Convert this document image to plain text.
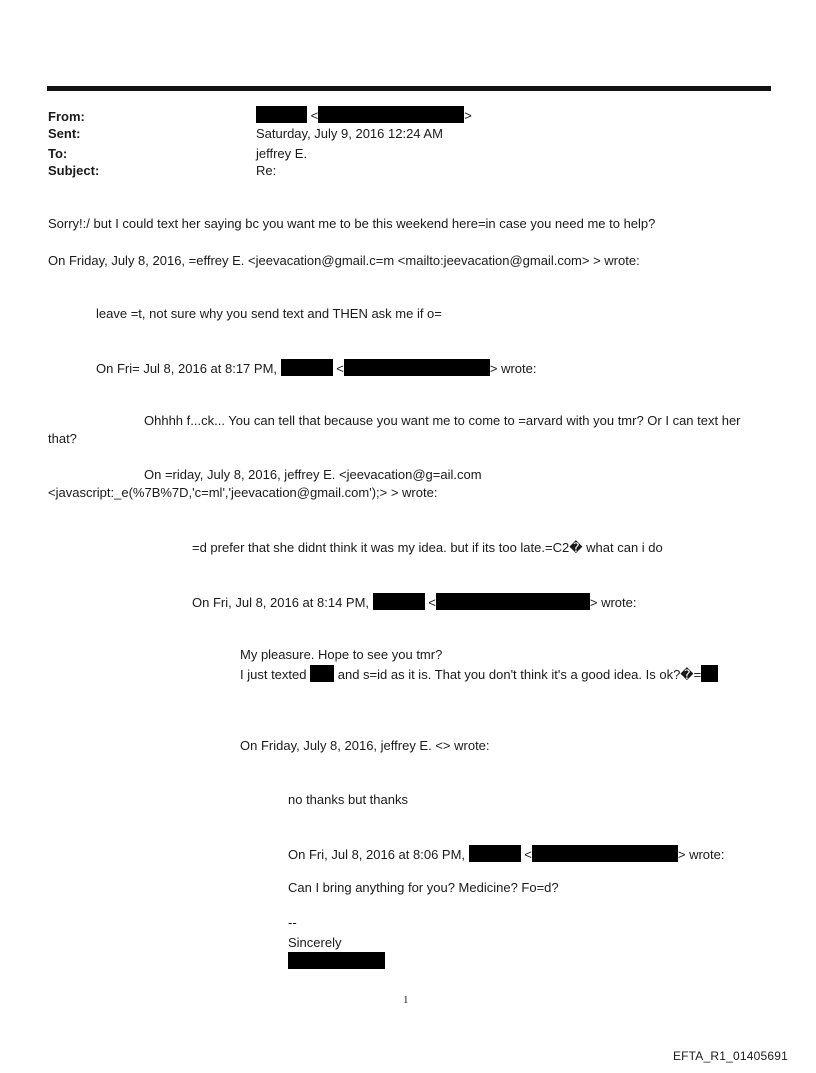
From:	<	>
Sent:	Saturday, July 9, 2016 12:24 AM
To:	jeffrey E.
Subject:	Re:
Sorry!:/ but I could text her saying bc you want me to be this weekend here=in case you need me to help?
On Friday, July 8, 2016, =effrey E. <jeevacation@gmail.c=m <mailto:jeevacation@gmail.com> > wrote:
leave =t, not sure why you send text and THEN ask me if o=
On Fri= Jul 8, 2016 at 8:17 PM,	<	> wrote:
Ohhhh f...ck... You can tell that because you want me to come to =arvard with you tmr? Or I can text her
that?
On =riday, July 8, 2016, jeffrey E. <jeevacation@g=ail.com
<javascript:_e(%7B%7D,'c=ml','jeevacation@gmail.com');> > wrote:
=d prefer that she didnt think it was my idea. but if its too late.=C2� what can i do
On Fri, Jul 8, 2016 at 8:14 PM,	<	> wrote:
My pleasure. Hope to see you tmr?
I just texted and s=id as it is. That you don't think it's a good idea. Is ok?�=
On Friday, July 8, 2016, jeffrey E. <> wrote:
no thanks but thanks
On Fri, Jul 8, 2016 at 8:06 PM,	<	> wrote:
Can I bring anything for you? Medicine? Fo=d?
--
Sincerely
1
EFTA_R1_01405691
